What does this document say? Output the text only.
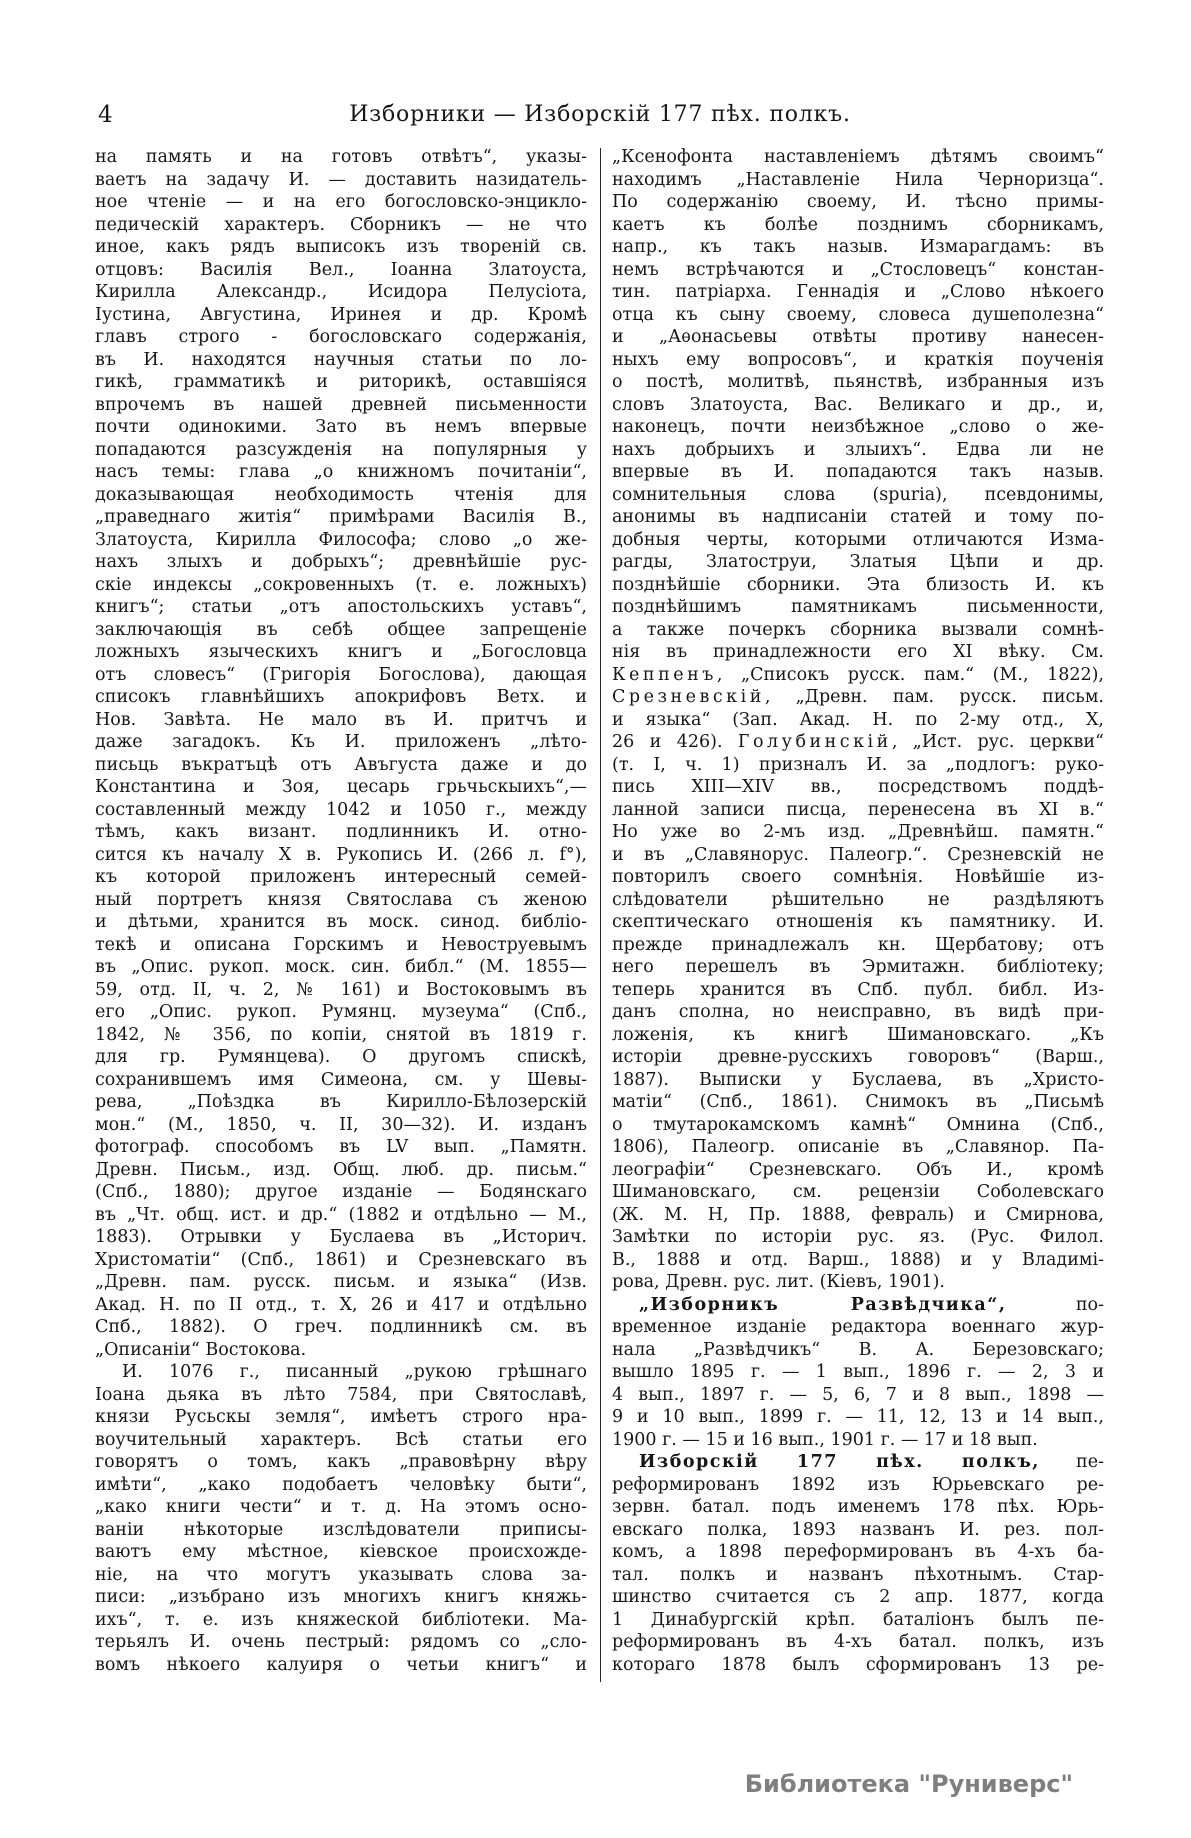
4	Изборники — Изборскій 177 пѣх. полкъ.
на память и на готовъ отвѣтъ“, указы-
ваетъ на задачу И. — доставить назидатель-
ное чтеніе — и на его богословско-энцикло-
педическій характеръ. Сборникъ — не что
иное, какъ рядъ выписокъ изъ твореній св.
отцовъ: Василія Вел., Іоанна Златоуста,
Кирилла Александр., Исидора Пелусіота,
Іустина, Августина, Иринея и др. Кромѣ
главъ строго - богословскаго содержанія,
въ И. находятся научныя статьи по ло-
гикѣ, грамматикѣ и риторикѣ, оставшіяся
впрочемъ въ нашей древней письменности
почти одинокими. Зато въ немъ впервые
попадаются разсужденія на популярныя у
насъ темы: глава „о книжномъ почитаніи“,
доказывающая необходимость чтенія для
„праведнаго житія“ примѣрами Василія В.,
Златоуста, Кирилла Философа; слово „о же-
нахъ злыхъ и добрыхъ“; древнѣйшіе рус-
скіе индексы „сокровенныхъ (т. е. ложныхъ)
книгъ“; статьи „отъ апостольскихъ уставъ“,
заключающія въ себѣ общее запрещеніе
ложныхъ языческихъ книгъ и „Богословца
отъ словесъ“ (Григорія Богослова), дающая
списокъ главнѣйшихъ апокрифовъ Ветх. и
Нов. Завѣта. Не мало въ И. притчъ и
даже загадокъ. Къ И. приложенъ „лѣто-
письць въкратъцѣ отъ Авъгуста даже и до
Константина и Зоя, цесарь грьчьскыихъ“,—
составленный между 1042 и 1050 г., между
тѣмъ, какъ визант. подлинникъ И. отно-
сится къ началу X в. Рукопись И. (266 л. f°),
къ которой приложенъ интересный семей-
ный портретъ князя Святослава съ женою
и дѣтьми, хранится въ моск. синод. библіо-
текѣ и описана Горскимъ и Невоструевымъ
въ „Опис. рукоп. моск. син. библ.“ (М. 1855—
59, отд. II, ч. 2, № 161) и Востоковымъ въ
его „Опис. рукоп. Румянц. музеума“ (Спб.,
1842, № 356, по копіи, снятой въ 1819 г.
для гр. Румянцева). О другомъ спискѣ,
сохранившемъ имя Симеона, см. у Шевы-
рева, „Поѣздка въ Кирилло-Бѣлозерскій
мон.“ (М., 1850, ч. II, 30—32). И. изданъ
фотограф. способомъ въ LV вып. „Памятн.
Древн. Письм., изд. Общ. люб. др. письм.“
(Спб., 1880); другое изданіе — Бодянскаго
въ „Чт. общ. ист. и др.“ (1882 и отдѣльно — М.,
1883). Отрывки у Буслаева въ „Историч.
Христоматіи“ (Спб., 1861) и Срезневскаго въ
„Древн. пам. русск. письм. и языка“ (Изв.
Акад. Н. по II отд., т. X, 26 и 417 и отдѣльно
Спб., 1882). О греч. подлинникѣ см. въ
„Описаніи“ Востокова.
И. 1076 г., писанный „рукою грѣшнаго
Іоана дьяка въ лѣто 7584, при Святославѣ,
князи Русьскы земля“, имѣетъ строго нра-
воучительный характеръ. Всѣ статьи его
говорятъ о томъ, какъ „правовѣрну вѣру
имѣти“, „како подобаетъ человѣку быти“,
„како книги чести“ и т. д. На этомъ осно-
ваніи нѣкоторые изслѣдователи приписы-
ваютъ ему мѣстное, кіевское происхожде-
ніе, на что могутъ указывать слова за-
писи: „изъбрано изъ многихъ книгъ княжь-
ихъ“, т. е. изъ княжеской библіотеки. Ма-
терьялъ И. очень пестрый: рядомъ со „сло-
вомъ нѣкоего калуиря о четьи книгъ“ и
„Ксенофонта наставленіемъ дѣтямъ своимъ“
находимъ „Наставленіе Нила Черноризца“.
По содержанію своему, И. тѣсно примы-
каетъ къ болѣе позднимъ сборникамъ,
напр., къ такъ назыв. Измарагдамъ: въ
немъ встрѣчаются и „Стословецъ“ констан-
тин. патріарха. Геннадія и „Слово нѣкоего
отца къ сыну своему, словеса душеполезна“
и „Аѳонасьевы отвѣты противу нанесен-
ныхъ ему вопросовъ“, и краткія поученія
о постѣ, молитвѣ, пьянствѣ, избранныя изъ
словъ Златоуста, Вас. Великаго и др., и,
наконецъ, почти неизбѣжное „слово о же-
нахъ добрыихъ и злыихъ“. Едва ли не
впервые въ И. попадаются такъ назыв.
сомнительныя слова (spuria), псевдонимы,
анонимы въ надписаніи статей и тому по-
добныя черты, которыми отличаются Изма-
рагды, Златоструи, Златыя Цѣпи и др.
позднѣйшіе сборники. Эта близость И. къ
позднѣйшимъ памятникамъ письменности,
а также почеркъ сборника вызвали сомнѣ-
нія въ принадлежности его XI вѣку. См.
Кеппенъ, „Списокъ русск. пам.“ (М., 1822),
Срезневскій, „Древн. пам. русск. письм.
и языка“ (Зап. Акад. Н. по 2-му отд., X,
26 и 426). Голубинскій, „Ист. рус. церкви“
(т. I, ч. 1) призналъ И. за „подлогъ: руко-
пись XIII—XIV вв., посредствомъ поддѣ-
ланной записи писца, перенесена въ XI в.“
Но уже во 2-мъ изд. „Древнѣйш. памятн.“
и въ „Славянорус. Палеогр.“. Срезневскій не
повторилъ своего сомнѣнія. Новѣйшіе из-
слѣдователи рѣшительно не раздѣляютъ
скептическаго отношенія къ памятнику. И.
прежде принадлежалъ кн. Щербатову; отъ
него перешелъ въ Эрмитажн. библіотеку;
теперь хранится въ Спб. публ. библ. Из-
данъ сполна, но неисправно, въ видѣ при-
ложенія, къ книгѣ Шимановскаго. „Къ
исторіи древне-русскихъ говоровъ“ (Варш.,
1887). Выписки у Буслаева, въ „Христо-
матіи“ (Спб., 1861). Снимокъ въ „Письмѣ
о тмутарокамскомъ камнѣ“ Омнина (Спб.,
1806), Палеогр. описаніе въ „Славянор. Па-
леографіи“ Срезневскаго. Объ И., кромѣ
Шимановскаго, см. рецензіи Соболевскаго
(Ж. М. Н, Пр. 1888, февраль) и Смирнова,
Замѣтки по исторіи рус. яз. (Рус. Филол.
В., 1888 и отд. Варш., 1888) и у Владимі-
рова, Древн. рус. лит. (Кіевъ, 1901).
„Изборникъ Развѣдчика“, по-
временное изданіе редактора военнаго жур-
нала „Развѣдчикъ“ В. А. Березовскаго;
вышло 1895 г. — 1 вып., 1896 г. — 2, 3 и
4 вып., 1897 г. — 5, 6, 7 и 8 вып., 1898 —
9 и 10 вып., 1899 г. — 11, 12, 13 и 14 вып.,
1900 г. — 15 и 16 вып., 1901 г. — 17 и 18 вып.
Изборскій 177 пѣх. полкъ, пе-
реформированъ 1892 изъ Юрьевскаго ре-
зервн. батал. подъ именемъ 178 пѣх. Юрь-
евскаго полка, 1893 названъ И. рез. пол-
комъ, а 1898 переформированъ въ 4-хъ ба-
тал. полкъ и названъ пѣхотнымъ. Стар-
шинство считается съ 2 апр. 1877, когда
1 Динабургскій крѣп. баталіонъ былъ пе-
реформированъ въ 4-хъ батал. полкъ, изъ
котораго 1878 былъ сформированъ 13 ре-
Библиотека "Руниверс"
